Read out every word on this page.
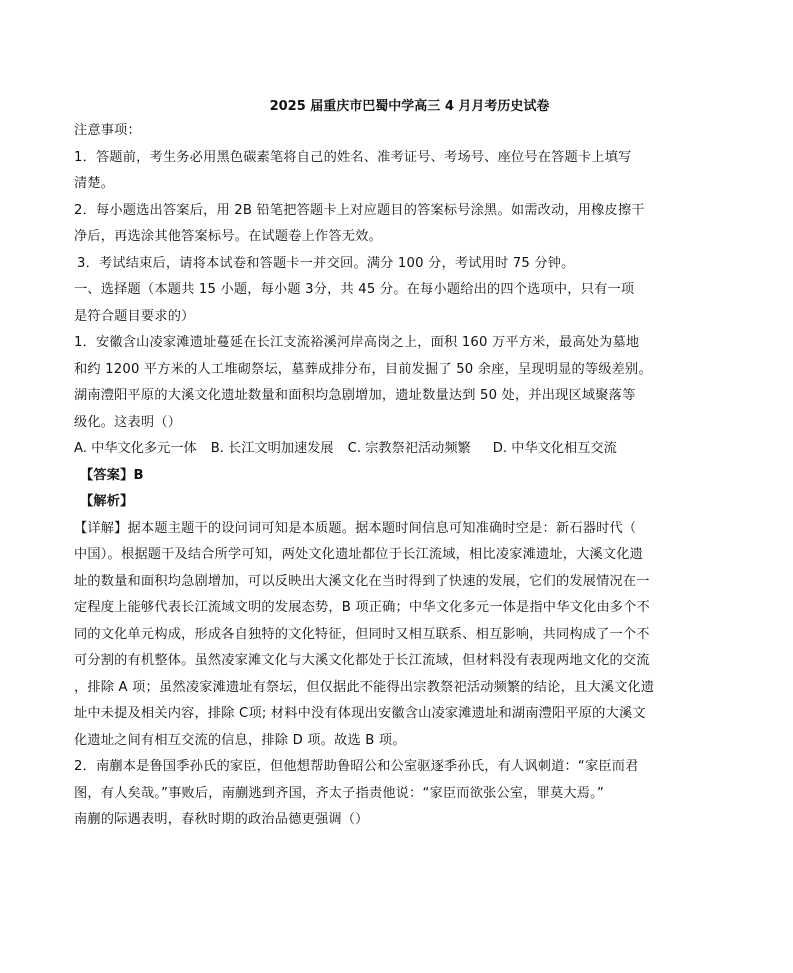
2025 届重庆市巴蜀中学高三 4 月月考历史试卷
注意事项：
1．答题前，考生务必用黑色碳素笔将自己的姓名、准考证号、考场号、座位号在答题卡上填写
清楚。
2．每小题选出答案后，用 2B 铅笔把答题卡上对应题目的答案标号涂黑。如需改动，用橡皮擦干
净后，再选涂其他答案标号。在试题卷上作答无效。
3．考试结束后，请将本试卷和答题卡一并交回。满分 100 分，考试用时 75 分钟。
一、选择题（本题共 15 小题，每小题 3分，共 45 分。在每小题给出的四个选项中，只有一项
是符合题目要求的）
1．安徽含山凌家滩遗址蔓延在长江支流裕溪河岸高岗之上，面积 160 万平方米，最高处为墓地
和约 1200 平方米的人工堆砌祭坛，墓葬成排分布，目前发掘了 50 余座，呈现明显的等级差别。
湖南澧阳平原的大溪文化遗址数量和面积均急剧增加，遗址数量达到 50 处，并出现区域聚落等
级化。这表明（）
A. 中华文化多元一体 B. 长江文明加速发展 C. 宗教祭祀活动频繁 D. 中华文化相互交流
【答案】B
【解析】
【详解】据本题主题干的设问词可知是本质题。据本题时间信息可知准确时空是：新石器时代（
中国）。根据题干及结合所学可知，两处文化遗址都位于长江流域，相比凌家滩遗址，大溪文化遗
址的数量和面积均急剧增加，可以反映出大溪文化在当时得到了快速的发展，它们的发展情况在一
定程度上能够代表长江流域文明的发展态势，B 项正确；中华文化多元一体是指中华文化由多个不
同的文化单元构成，形成各自独特的文化特征，但同时又相互联系、相互影响，共同构成了一个不
可分割的有机整体。虽然凌家滩文化与大溪文化都处于长江流域，但材料没有表现两地文化的交流
，排除 A 项；虽然凌家滩遗址有祭坛，但仅据此不能得出宗教祭祀活动频繁的结论，且大溪文化遗
址中未提及相关内容，排除 C项; 材料中没有体现出安徽含山凌家滩遗址和湖南澧阳平原的大溪文
化遗址之间有相互交流的信息，排除 D 项。故选 B 项。
2．南蒯本是鲁国季孙氏的家臣，但他想帮助鲁昭公和公室驱逐季孙氏，有人讽刺道：“家臣而君
图，有人矣哉。”事败后，南蒯逃到齐国，齐太子指责他说：“家臣而欲张公室，罪莫大焉。”
南蒯的际遇表明，春秋时期的政治品德更强调（）
